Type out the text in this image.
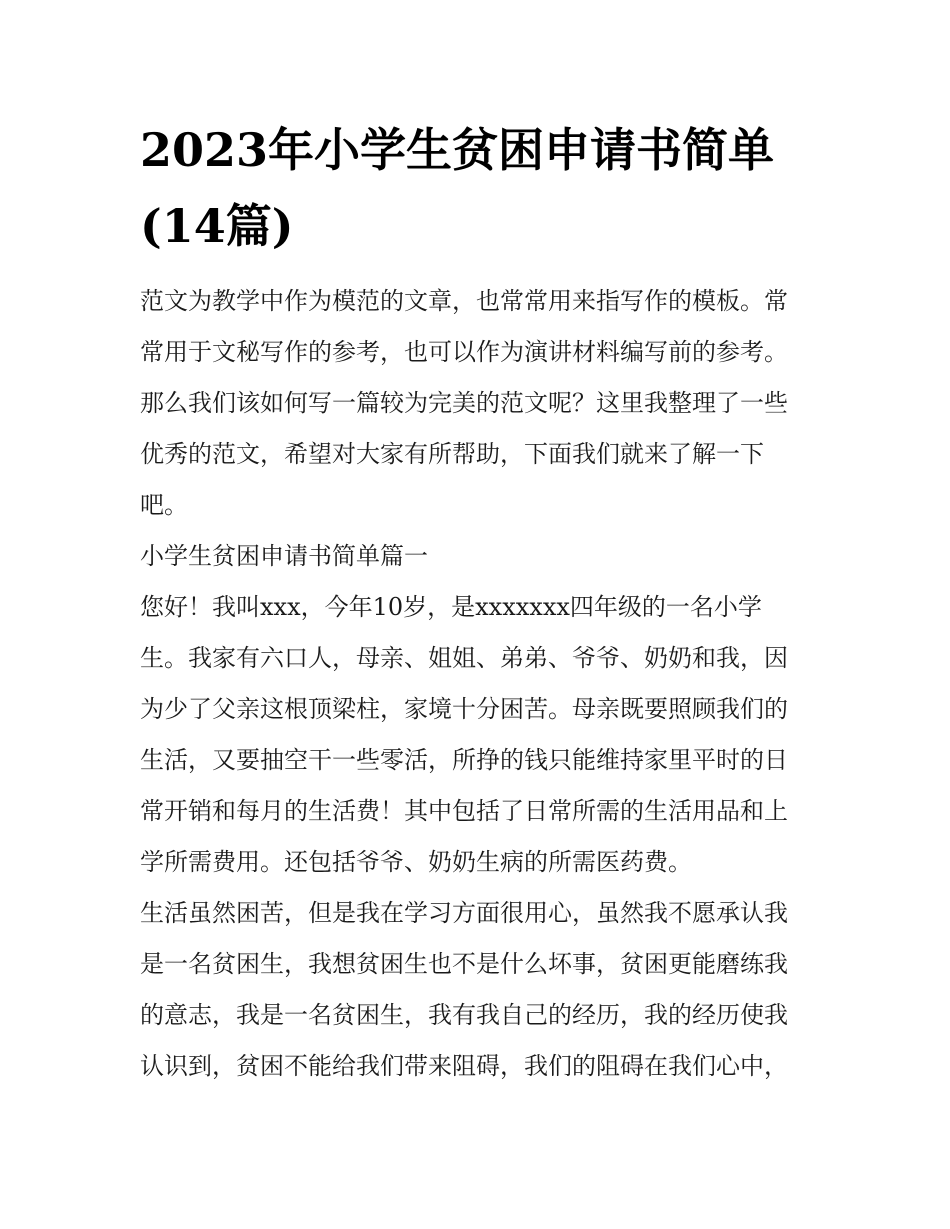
2023年小学生贫困申请书简单
(14篇)
范文为教学中作为模范的文章，也常常用来指写作的模板。常
常用于文秘写作的参考，也可以作为演讲材料编写前的参考。
那么我们该如何写一篇较为完美的范文呢？这里我整理了一些
优秀的范文，希望对大家有所帮助，下面我们就来了解一下
吧。
小学生贫困申请书简单篇一
您好！我叫xxx，今年10岁，是xxxxxxx四年级的一名小学
生。我家有六口人，母亲、姐姐、弟弟、爷爷、奶奶和我，因
为少了父亲这根顶梁柱，家境十分困苦。母亲既要照顾我们的
生活，又要抽空干一些零活，所挣的钱只能维持家里平时的日
常开销和每月的生活费！其中包括了日常所需的生活用品和上
学所需费用。还包括爷爷、奶奶生病的所需医药费。
生活虽然困苦，但是我在学习方面很用心，虽然我不愿承认我
是一名贫困生，我想贫困生也不是什么坏事，贫困更能磨练我
的意志，我是一名贫困生，我有我自己的经历，我的经历使我
认识到，贫困不能给我们带来阻碍，我们的阻碍在我们心中，
